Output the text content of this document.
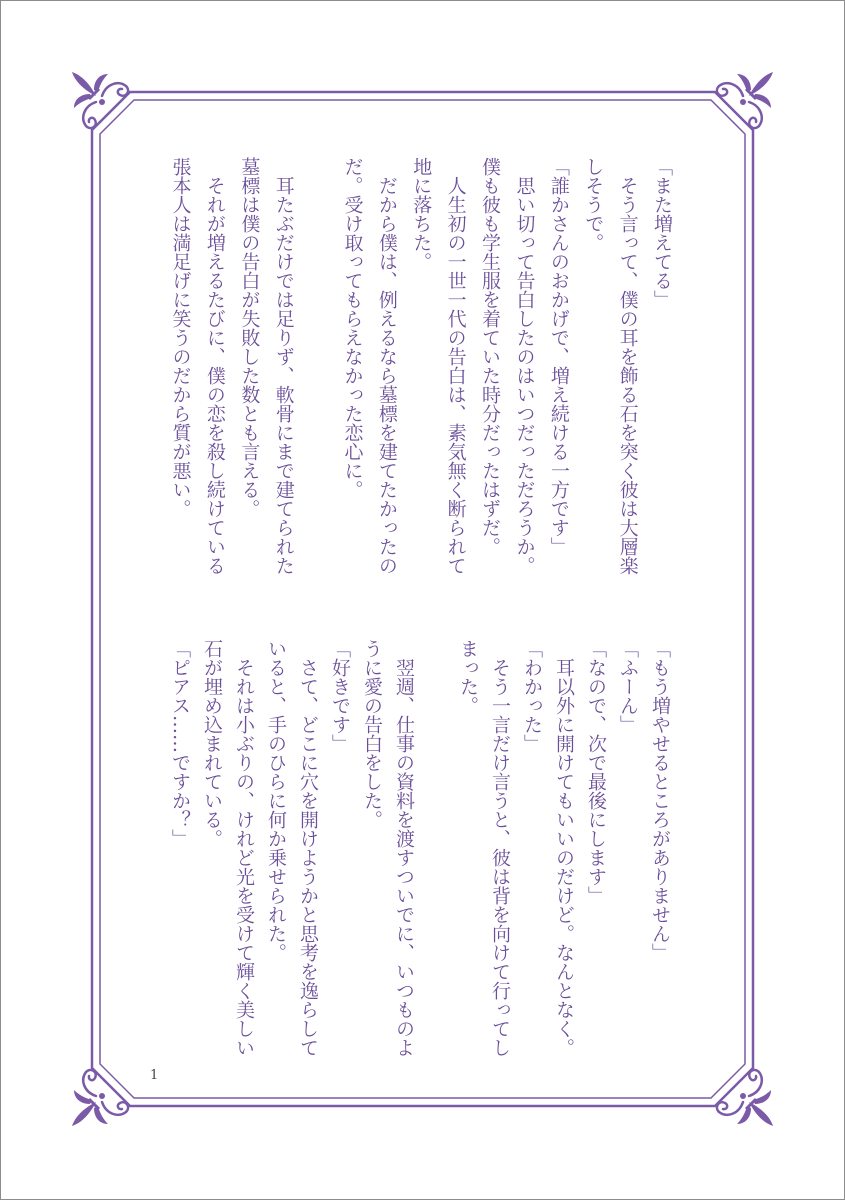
「また増えてる」
そう言って、僕の耳を飾る石を突く彼は大層楽
しそうで。
「誰かさんのおかげで、増え続ける一方です」
思い切って告白したのはいつだっただろうか。
僕も彼も学生服を着ていた時分だったはずだ。
人生初の一世一代の告白は、素気無く断られて
地に落ちた。
だから僕は、例えるなら墓標を建てたかったの
だ。受け取ってもらえなかった恋心に。
耳たぶだけでは足りず、軟骨にまで建てられた
墓標は僕の告白が失敗した数とも言える。
それが増えるたびに、僕の恋を殺し続けている
張本人は満足げに笑うのだから質が悪い。
「もう増やせるところがありません」
「ふーん」
「なので、次で最後にします」
耳以外に開けてもいいのだけど。なんとなく。
「わかった」
そう一言だけ言うと、彼は背を向けて行ってし
まった。
翌週、仕事の資料を渡すついでに、いつものよ
うに愛の告白をした。
「好きです」
さて、どこに穴を開けようかと思考を逸らして
いると、手のひらに何か乗せられた。
それは小ぶりの、けれど光を受けて輝く美しい
石が埋め込まれている。
「ピアス……ですか？」
1
